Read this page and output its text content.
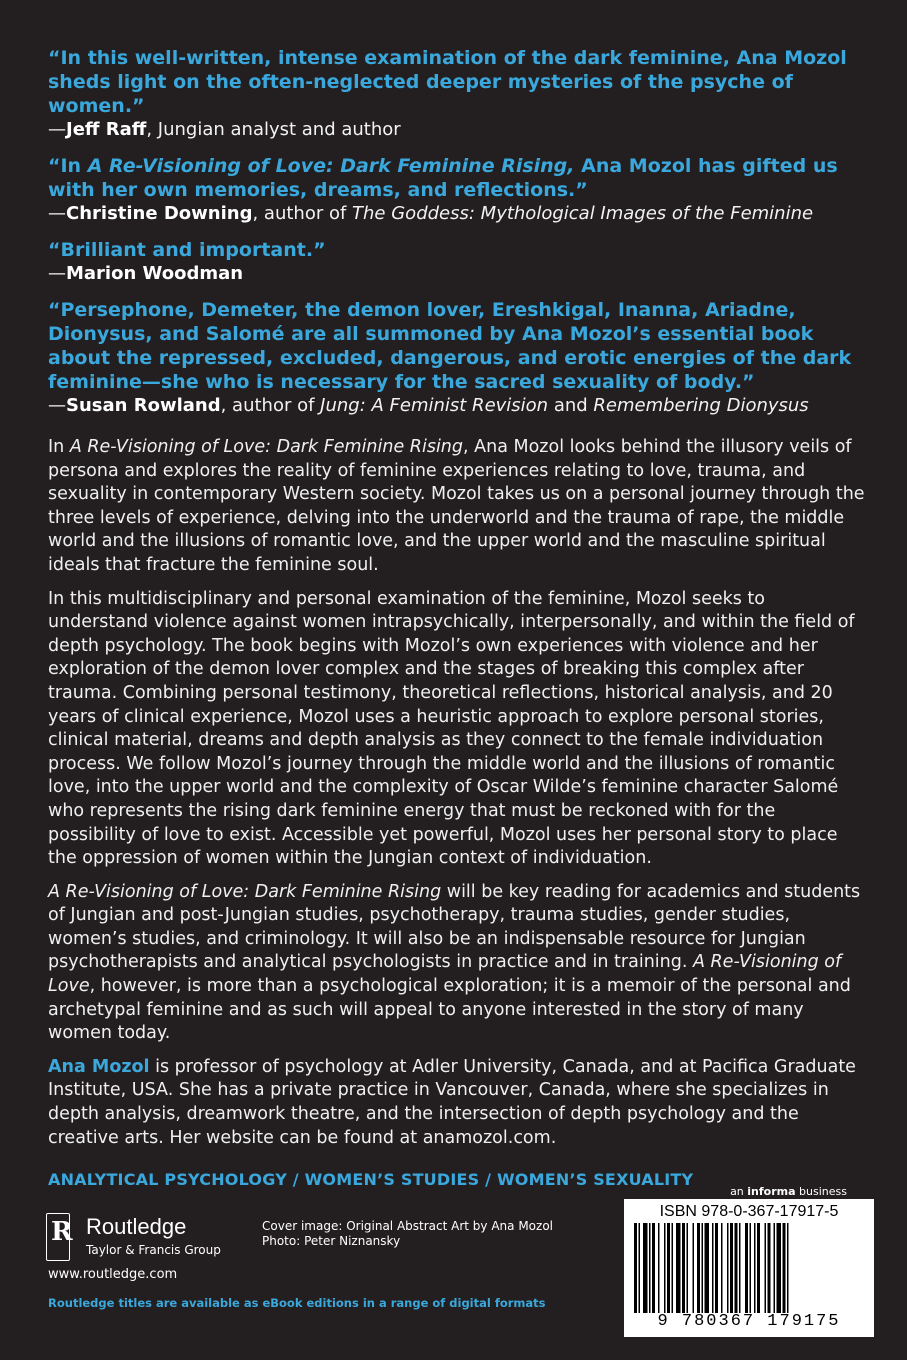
“In this well-written, intense examination of the dark feminine, Ana Mozol sheds light on the often-neglected deeper mysteries of the psyche of women.”
—Jeff Raff, Jungian analyst and author
“In A Re-Visioning of Love: Dark Feminine Rising, Ana Mozol has gifted us with her own memories, dreams, and reflections.”
—Christine Downing, author of The Goddess: Mythological Images of the Feminine
“Brilliant and important.”
—Marion Woodman
“Persephone, Demeter, the demon lover, Ereshkigal, Inanna, Ariadne, Dionysus, and Salomé are all summoned by Ana Mozol’s essential book about the repressed, excluded, dangerous, and erotic energies of the dark feminine—she who is necessary for the sacred sexuality of body.”
—Susan Rowland, author of Jung: A Feminist Revision and Remembering Dionysus

In A Re-Visioning of Love: Dark Feminine Rising, Ana Mozol looks behind the illusory veils of persona and explores the reality of feminine experiences relating to love, trauma, and sexuality in contemporary Western society. Mozol takes us on a personal journey through the three levels of experience, delving into the underworld and the trauma of rape, the middle world and the illusions of romantic love, and the upper world and the masculine spiritual ideals that fracture the feminine soul.

In this multidisciplinary and personal examination of the feminine, Mozol seeks to understand violence against women intrapsychically, interpersonally, and within the field of depth psychology. The book begins with Mozol’s own experiences with violence and her exploration of the demon lover complex and the stages of breaking this complex after trauma. Combining personal testimony, theoretical reflections, historical analysis, and 20 years of clinical experience, Mozol uses a heuristic approach to explore personal stories, clinical material, dreams and depth analysis as they connect to the female individuation process. We follow Mozol’s journey through the middle world and the illusions of romantic love, into the upper world and the complexity of Oscar Wilde’s feminine character Salomé who represents the rising dark feminine energy that must be reckoned with for the possibility of love to exist. Accessible yet powerful, Mozol uses her personal story to place the oppression of women within the Jungian context of individuation.

A Re-Visioning of Love: Dark Feminine Rising will be key reading for academics and students of Jungian and post-Jungian studies, psychotherapy, trauma studies, gender studies, women’s studies, and criminology. It will also be an indispensable resource for Jungian psychotherapists and analytical psychologists in practice and in training. A Re-Visioning of Love, however, is more than a psychological exploration; it is a memoir of the personal and archetypal feminine and as such will appeal to anyone interested in the story of many women today.

Ana Mozol is professor of psychology at Adler University, Canada, and at Pacifica Graduate Institute, USA. She has a private practice in Vancouver, Canada, where she specializes in depth analysis, dreamwork theatre, and the intersection of depth psychology and the creative arts. Her website can be found at anamozol.com.

ANALYTICAL PSYCHOLOGY / WOMEN’S STUDIES / WOMEN’S SEXUALITY
an informa business
R Routledge
Taylor & Francis Group
Cover image: Original Abstract Art by Ana Mozol
Photo: Peter Niznansky
www.routledge.com
Routledge titles are available as eBook editions in a range of digital formats
ISBN 978-0-367-17917-5
9 780367 179175
